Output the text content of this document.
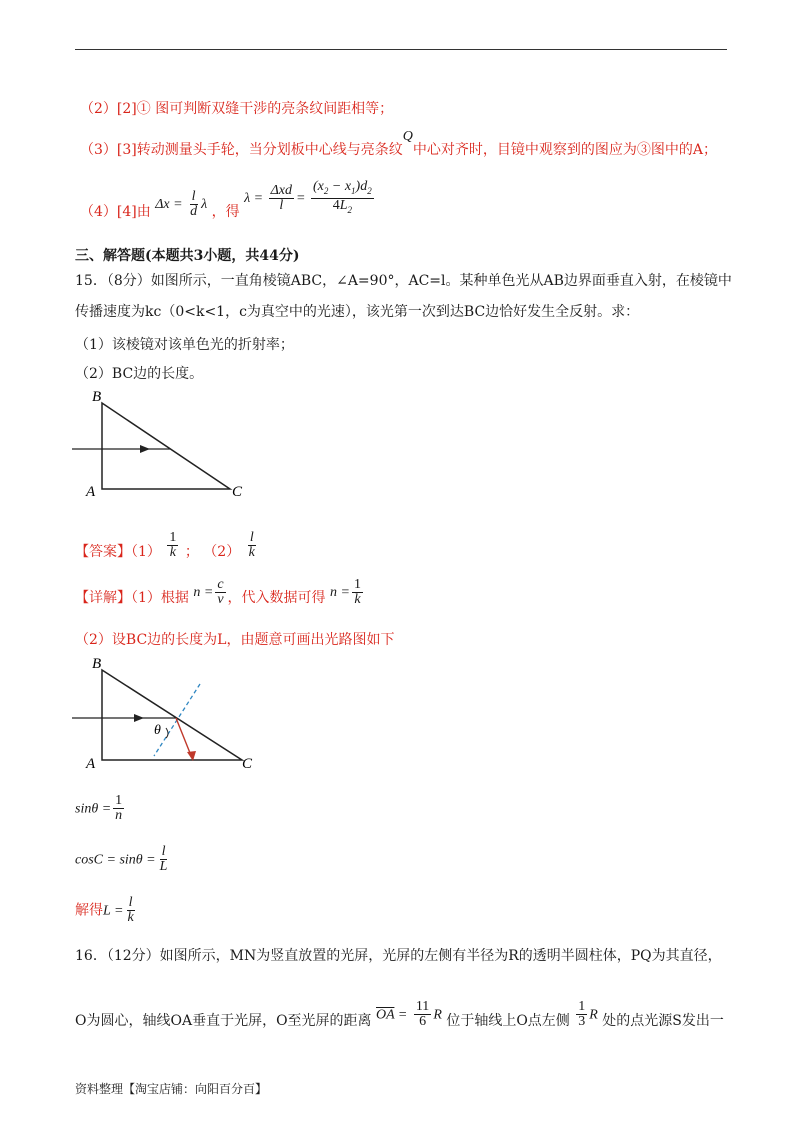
（2）[2]① 图可判断双缝干涉的亮条纹间距相等；
（3）[3]转动测量头手轮，当分划板中心线与亮条纹Q中心对齐时，目镜中观察到的图应为③图中的A；
（4）[4]由 $\Delta x = \frac{l}{d}$ λ ，得 $\lambda = \frac{\text{Δxd}}{l} = \frac{(x_2 - x_1)d_2}{4L_2}$
三、解答题(本题共3小题，共44分)
15．（8分）如图所示，一直角棱镜ABC，∠A=90°，AC=l。某种单色光从AB边界面垂直入射，在棱镜中
传播速度为kc（0<k<1，c为真空中的光速），该光第一次到达BC边恰好发生全反射。求：
（1）该棱镜对该单色光的折射率；
（2）BC边的长度。
B
A	C
【答案】$(1) \frac{1}{k}$ ； $(2) \frac{l}{k}$
【详解】（1）根据 $n = \frac{c}{v}$ ，代入数据可得 $n = \frac{1}{k}$
（2）设BC边的长度为L，由题意可画出光路图如下
B
A	C
θ
$\sin\theta = \frac{1}{n}$
$\cos C = \sin\theta = \frac{l}{L}$
解得$L = \frac{l}{k}$
16．（12分）如图所示，MN为竖直放置的光屏，光屏的左侧有半径为R的透明半圆柱体，PQ为其直径，
O为圆心，轴线OA垂直于光屏，O至光屏的距离 $\overline{OA} = \frac{11}{6}$ R 位于轴线上O点左侧 $\frac{1}{3}$ R 处的点光源S发出一
资料整理【淘宝店铺：向阳百分百】
